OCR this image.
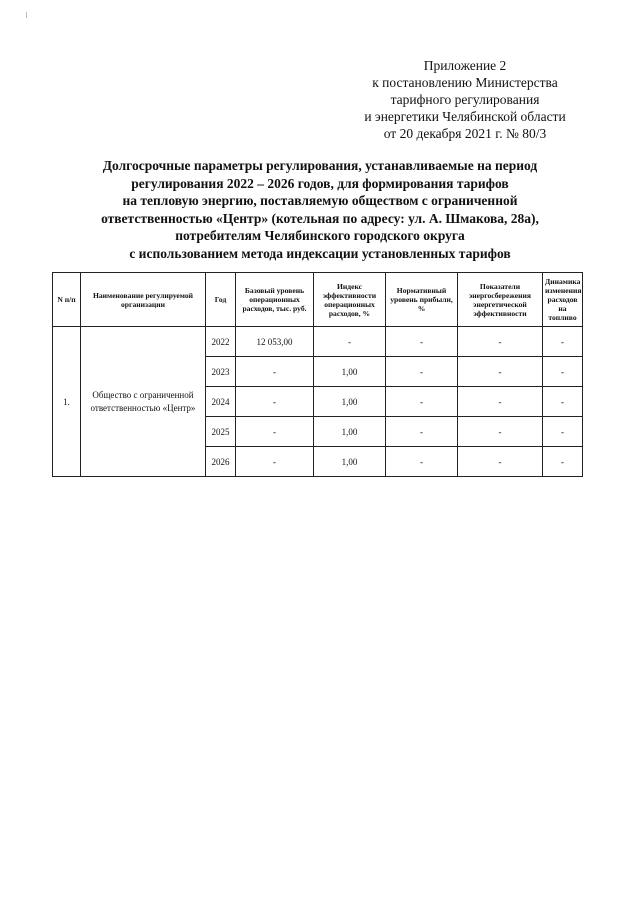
Приложение 2
к постановлению Министерства
тарифного регулирования
и энергетики Челябинской области
от 20 декабря 2021 г. № 80/3
Долгосрочные параметры регулирования, устанавливаемые на период
регулирования 2022 – 2026 годов, для формирования тарифов
на тепловую энергию, поставляемую обществом с ограниченной
ответственностью «Центр» (котельная по адресу: ул. А. Шмакова, 28а),
потребителям Челябинского городского округа
с использованием метода индексации установленных тарифов
N п/п	Наименование регулируемой организации	Год	Базовый уровень операционных расходов, тыс. руб.	Индекс эффективности операционных расходов, %	Нормативный уровень прибыли, %	Показатели энергосбережения энергетической эффективности	Динамика изменения расходов на топливо
1.	Общество с ограниченной ответственностью «Центр»	2022	12 053,00	-	-	-	-
		2023	-	1,00	-	-	-
		2024	-	1,00	-	-	-
		2025	-	1,00	-	-	-
		2026	-	1,00	-	-	-
